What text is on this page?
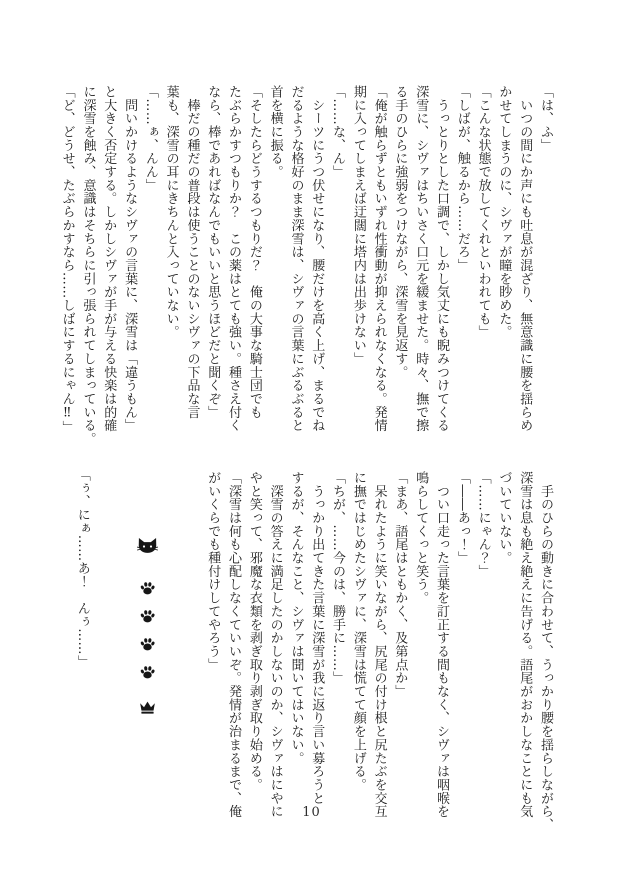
「は、ふ」
　いつの間にか声にも吐息が混ざり、無意識に腰を揺らめ
かせてしまうのに、シヴァが瞳を眇めた。
「こんな状態で放してくれといわれても」
「しばが、触るから……だろ」
　うっとりとした口調で、しかし気丈にも睨みつけてくる
深雪に、シヴァはちいさく口元を緩ませた。時々、撫で擦
る手のひらに強弱をつけながら、深雪を見返す。
「俺が触らずともいずれ性衝動が抑えられなくなる。発情
期に入ってしまえば迂闊に塔内は出歩けない」
「……な、ん」
　シーツにうつ伏せになり、腰だけを高く上げ、まるでね
だるような格好のまま深雪は、シヴァの言葉にぶるぶると
首を横に振る。
「そしたらどうするつもりだ？　俺の大事な騎士団でも
たぶらかすつもりか？　この薬はとても強い。種さえ付く
なら、棒であればなんでもいいと思うほどだと聞くぞ」
　棒だの種だの普段は使うことのないシヴァの下品な言
葉も、深雪の耳にきちんと入っていない。
「……ぁ、んん」
　問いかけるようなシヴァの言葉に、深雪は「違うもん」
と大きく否定する。しかしシヴァが手が与える快楽は的確
に深雪を蝕み、意識はそちらに引っ張られてしまっている。
「ど、どうせ、たぶらかすなら……しばにするにゃん‼」
　手のひらの動きに合わせて、うっかり腰を揺らしながら、
深雪は息も絶え絶えに告げる。語尾がおかしなことにも気
づいていない。
「……にゃん？」
「――あっ！」
　つい口走った言葉を訂正する間もなく、シヴァは咽喉を
鳴らしてくっと笑う。
「まあ、語尾はともかく、及第点か」
　呆れたように笑いながら、尻尾の付け根と尻たぶを交互
に撫ではじめたシヴァに、深雪は慌てて顔を上げる。
「ちが、……今のは、勝手に……」
　うっかり出てきた言葉に深雪が我に返り言い募ろうと
するが、そんなこと、シヴァは聞いてはいない。
　深雪の答えに満足したのかしないのか、シヴァはにやに
やと笑って、邪魔な衣類を剥ぎ取り剥ぎ取り始める。
「深雪は何も心配しなくていいぞ。発情が治まるまで、俺
がいくらでも種付けしてやろう」
「ぅ、にぁ……あ！　んぅ……」
10
